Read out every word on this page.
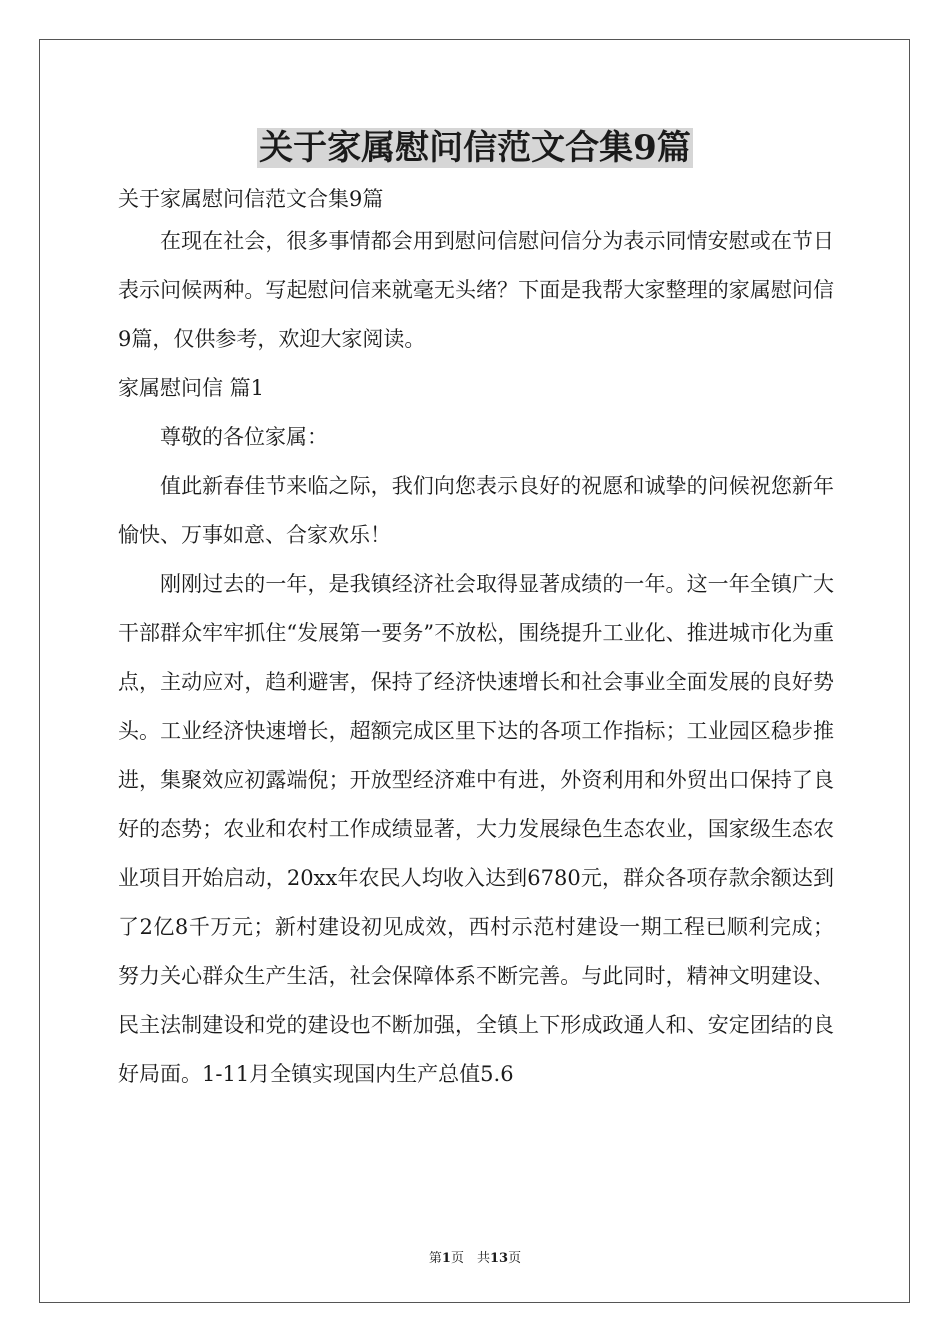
关于家属慰问信范文合集9篇
关于家属慰问信范文合集9篇

在现在社会，很多事情都会用到慰问信慰问信分为表示同情安慰或在节日表示问候两种。写起慰问信来就毫无头绪？下面是我帮大家整理的家属慰问信9篇，仅供参考，欢迎大家阅读。

家属慰问信 篇1

尊敬的各位家属：

值此新春佳节来临之际，我们向您表示良好的祝愿和诚挚的问候祝您新年愉快、万事如意、合家欢乐！

刚刚过去的一年，是我镇经济社会取得显著成绩的一年。这一年全镇广大干部群众牢牢抓住“发展第一要务”不放松，围绕提升工业化、推进城市化为重点，主动应对，趋利避害，保持了经济快速增长和社会事业全面发展的良好势头。工业经济快速增长，超额完成区里下达的各项工作指标；工业园区稳步推进，集聚效应初露端倪；开放型经济难中有进，外资利用和外贸出口保持了良好的态势；农业和农村工作成绩显著，大力发展绿色生态农业，国家级生态农业项目开始启动，20xx年农民人均收入达到6780元，群众各项存款余额达到了2亿8千万元；新村建设初见成效，西村示范村建设一期工程已顺利完成；努力关心群众生产生活，社会保障体系不断完善。与此同时，精神文明建设、民主法制建设和党的建设也不断加强，全镇上下形成政通人和、安定团结的良好局面。1-11月全镇实现国内生产总值5.6

第1页　共13页
